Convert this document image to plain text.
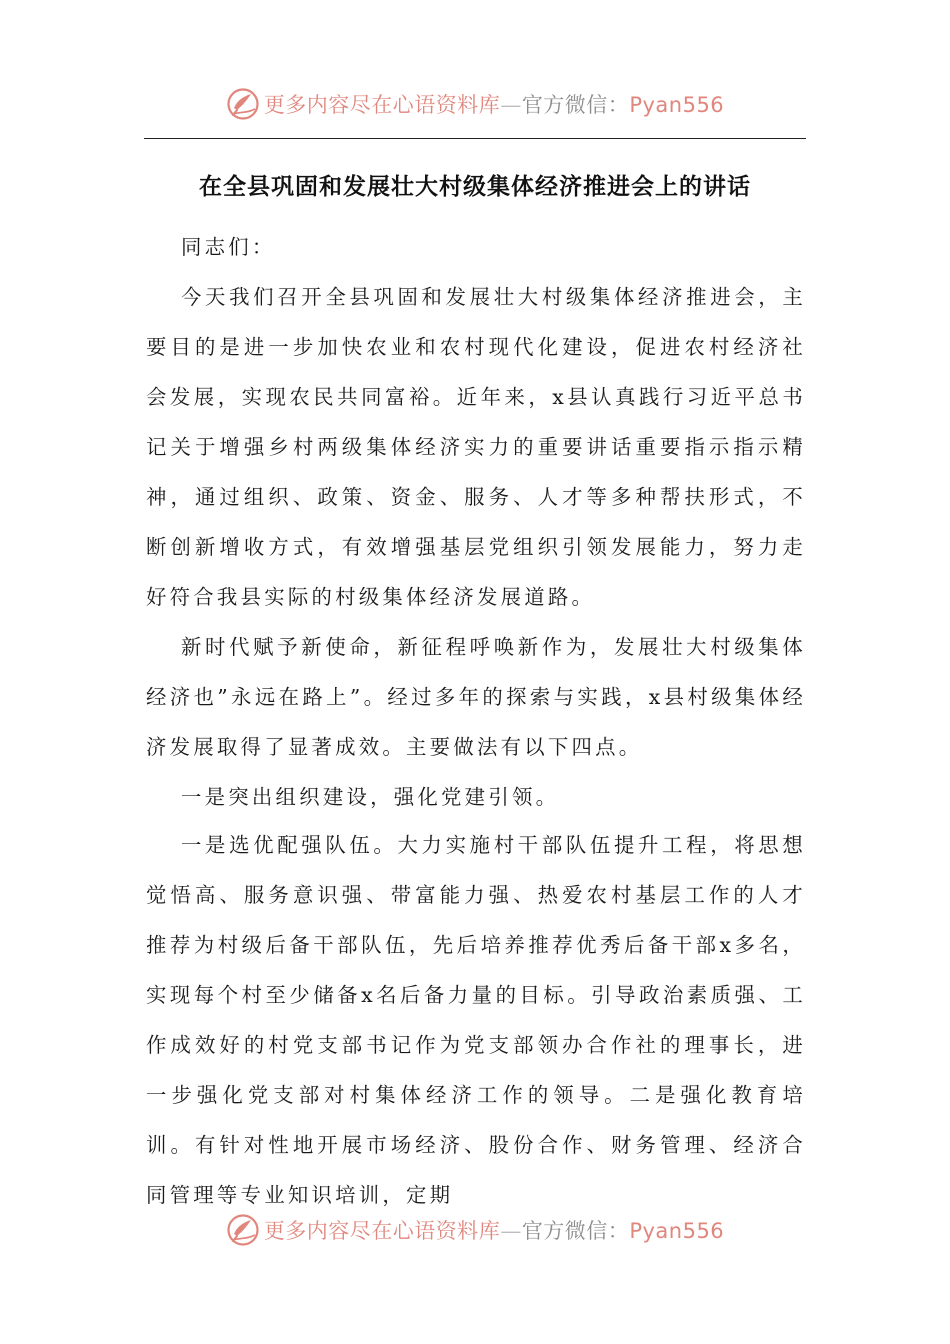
更多内容尽在心语资料库—官方微信：Pyan556
在全县巩固和发展壮大村级集体经济推进会上的讲话

同志们：

今天我们召开全县巩固和发展壮大村级集体经济推进会，主要目的是进一步加快农业和农村现代化建设，促进农村经济社会发展，实现农民共同富裕。近年来，x县认真践行习近平总书记关于增强乡村两级集体经济实力的重要讲话重要指示指示精神，通过组织、政策、资金、服务、人才等多种帮扶形式，不断创新增收方式，有效增强基层党组织引领发展能力，努力走好符合我县实际的村级集体经济发展道路。

新时代赋予新使命，新征程呼唤新作为，发展壮大村级集体经济也”永远在路上”。经过多年的探索与实践，x县村级集体经济发展取得了显著成效。主要做法有以下四点。

一是突出组织建设，强化党建引领。

一是选优配强队伍。大力实施村干部队伍提升工程，将思想觉悟高、服务意识强、带富能力强、热爱农村基层工作的人才推荐为村级后备干部队伍，先后培养推荐优秀后备干部x多名，实现每个村至少储备x名后备力量的目标。引导政治素质强、工作成效好的村党支部书记作为党支部领办合作社的理事长，进一步强化党支部对村集体经济工作的领导。二是强化教育培训。有针对性地开展市场经济、股份合作、财务管理、经济合同管理等专业知识培训，定期

更多内容尽在心语资料库—官方微信：Pyan556
